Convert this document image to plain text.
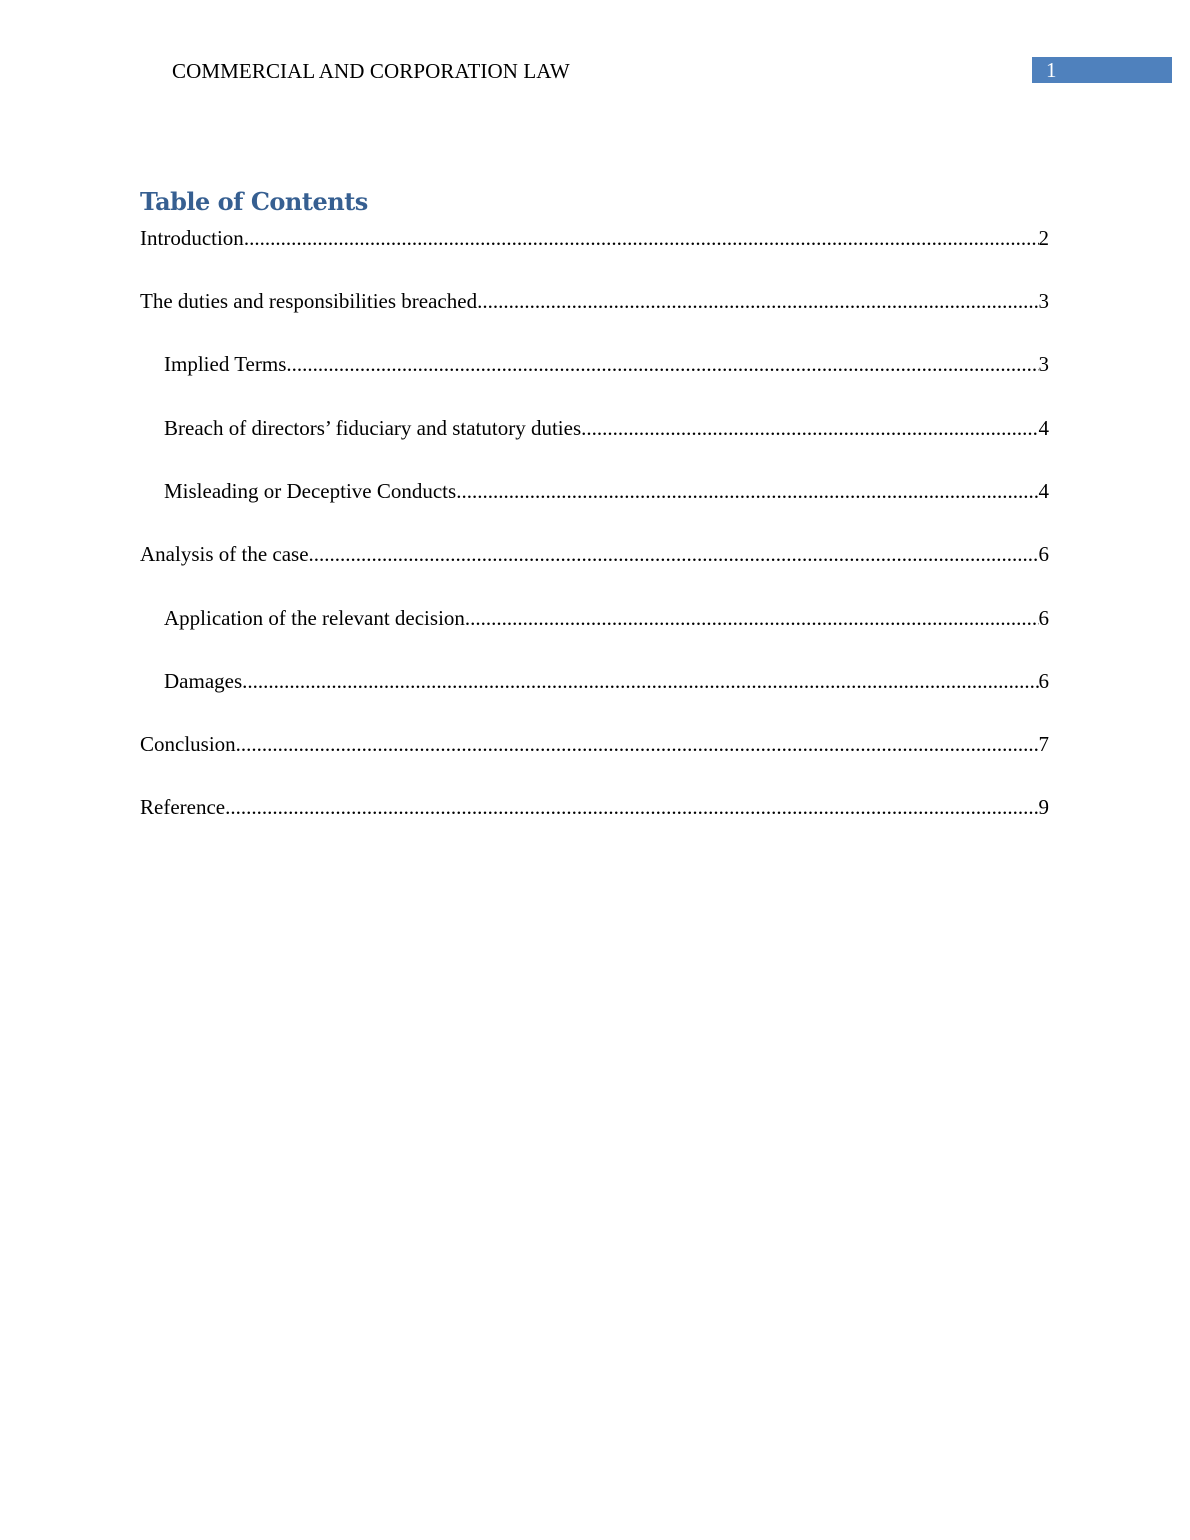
COMMERCIAL AND CORPORATION LAW	1
Table of Contents
Introduction .....	2
The duties and responsibilities breached .....	3
Implied Terms .....	3
Breach of directors’ fiduciary and statutory duties .....	4
Misleading or Deceptive Conducts .....	4
Analysis of the case .....	6
Application of the relevant decision .....	6
Damages .....	6
Conclusion .....	7
Reference .....	9
